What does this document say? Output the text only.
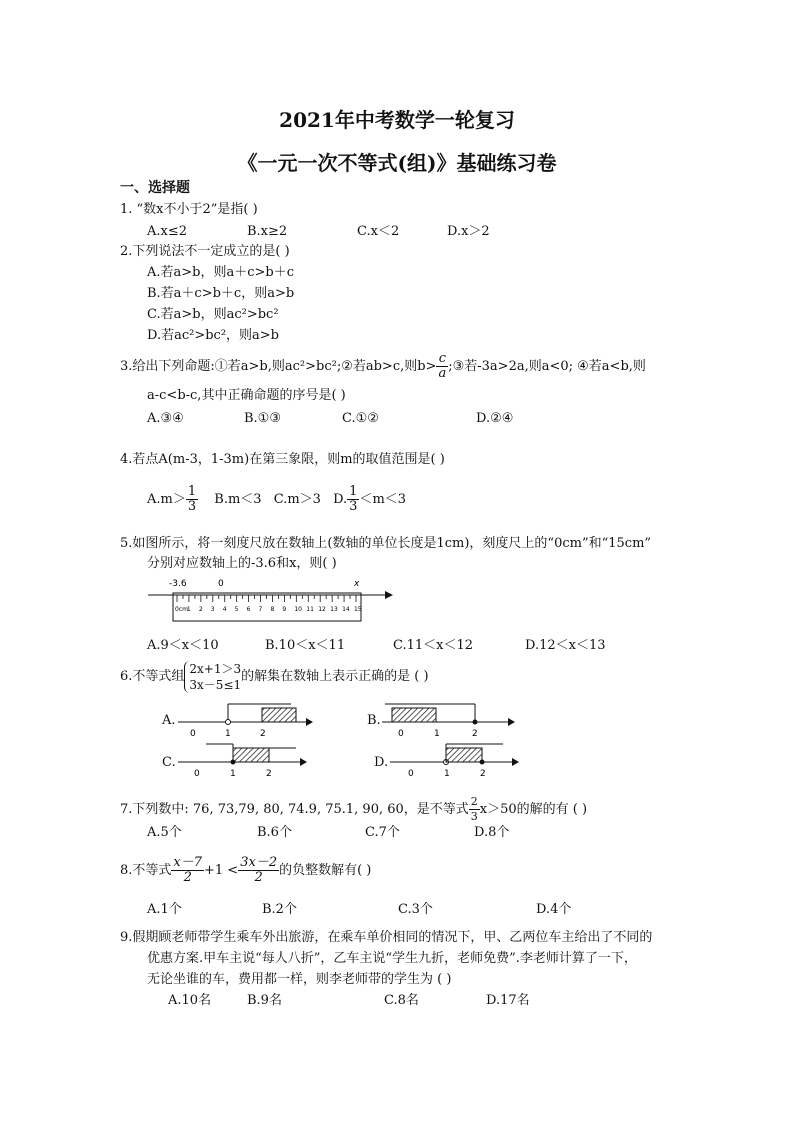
2021年中考数学一轮复习
《一元一次不等式(组)》基础练习卷
一、选择题
1. “数x不小于2”是指( )
A.x≤2	B.x≥2	C.x＜2	D.x＞2
2.下列说法不一定成立的是( )
A.若a>b，则a＋c>b＋c
B.若a＋c>b＋c，则a>b
C.若a>b，则ac²>bc²
D.若ac²>bc²，则a>b
3.给出下列命题:①若a>b,则ac²>bc²;②若ab>c,则$b> \frac{c}{a}$ ;③若-3a>2a,则a<0; ④若a<b,则
a-c<b-c,其中正确命题的序号是( )
A.③④	B.①③	C.①②	D.②④
4.若点A(m-3，1-3m)在第三象限，则m的取值范围是( )
$A.m> \frac{1}{3} B.m<3$ C.m＞3 D. $\frac{1}{3} <m<3$
5.如图所示，将一刻度尺放在数轴上(数轴的单位长度是1cm)，刻度尺上的“0cm”和“15cm”
分别对应数轴上的-3.6和x，则( )
-3.6	0	x
0cm
1 2 3 4 5 6 7 8 9 10 11 12 13 14 15
A.9＜x＜10	B.10＜x＜11	C.11＜x＜12	D.12＜x＜13
6.不等式组
2x+1＞3
3x－5≤1
的解集在数轴上表示正确的是 ( )
A.
0	1	2
B.
0	1	2
C.
0	1	2
D.
0	1	2
7.下列数中: 76, 73,79, 80, 74.9, 75.1, 90, 60，是不等式 $\frac{2}{3} x>50$的解的有 ( )
A.5个	B.6个	C.7个	D.8个
8.不等式 $\frac{x-7}{2} +1 < \frac{3x-2}{2}$ 的负整数解有( )
A.1个	B.2个	C.3个	D.4个
9.假期顾老师带学生乘车外出旅游，在乘车单价相同的情况下，甲、乙两位车主给出了不同的
优惠方案.甲车主说“每人八折”，乙车主说“学生九折，老师免费”.李老师计算了一下，
无论坐谁的车，费用都一样，则李老师带的学生为 ( )
A.10名	B.9名	C.8名	D.17名
